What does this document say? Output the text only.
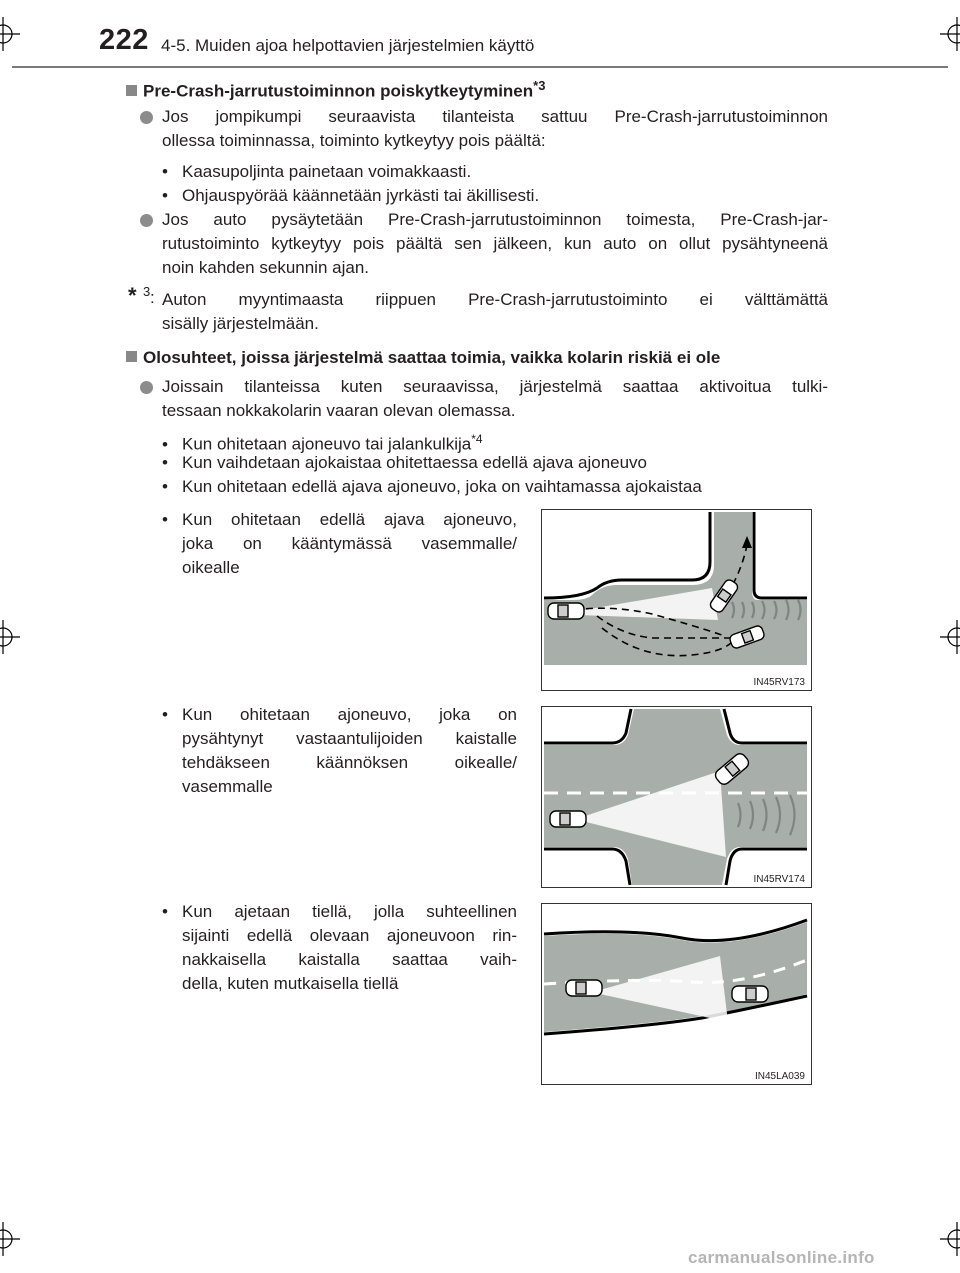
222 4-5. Muiden ajoa helpottavien järjestelmien käyttö
Pre-Crash-jarrutustoiminnon poiskytkeytyminen$^{*3}$
Jos jompikumpi seuraavista tilanteista sattuu Pre-Crash-jarrutustoiminnon
ollessa toiminnassa, toiminto kytkeytyy pois päältä:
• Kaasupoljinta painetaan voimakkaasti.
• Ohjauspyörää käännetään jyrkästi tai äkillisesti.
Jos auto pysäytetään Pre-Crash-jarrutustoiminnon toimesta, Pre-Crash-jar-
rutustoiminto kytkeytyy pois päältä sen jälkeen, kun auto on ollut pysähtyneenä
noin kahden sekunnin ajan.
* 3 : Auton myyntimaasta riippuen Pre-Crash-jarrutustoiminto ei välttämättä
sisälly järjestelmään.
Olosuhteet, joissa järjestelmä saattaa toimia, vaikka kolarin riskiä ei ole
Joissain tilanteissa kuten seuraavissa, järjestelmä saattaa aktivoitua tulki-
tessaan nokkakolarin vaaran olevan olemassa.
• Kun ohitetaan ajoneuvo tai jalankulkija$^{*4}$
• Kun vaihdetaan ajokaistaa ohitettaessa edellä ajava ajoneuvo
• Kun ohitetaan edellä ajava ajoneuvo, joka on vaihtamassa ajokaistaa
• Kun ohitetaan edellä ajava ajoneuvo,
joka on kääntymässä vasemmalle/
oikealle
IN45RV173
• Kun ohitetaan ajoneuvo, joka on
pysähtynyt vastaantulijoiden kaistalle
tehdäkseen käännöksen oikealle/
vasemmalle
IN45RV174
• Kun ajetaan tiellä, jolla suhteellinen
sijainti edellä olevaan ajoneuvoon rin-
nakkaisella kaistalla saattaa vaih-
della, kuten mutkaisella tiellä
IN45LA039
carmanualsonline.info
